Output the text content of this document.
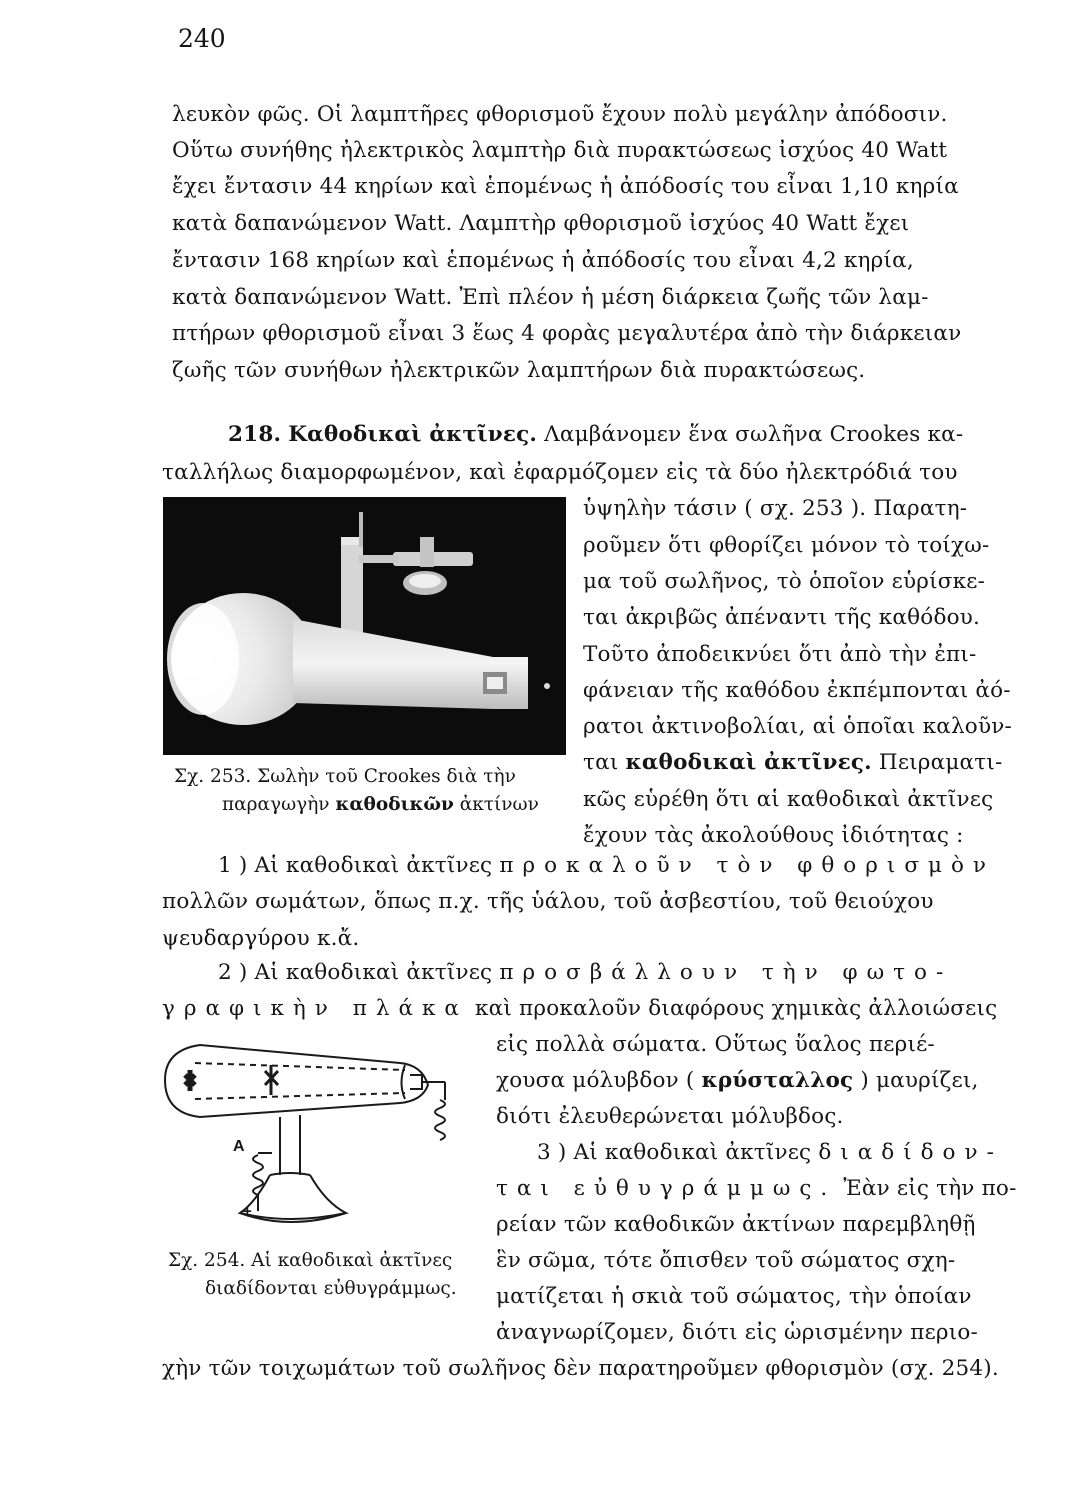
240
λευκὸν φῶς. Οἱ λαμπτῆρες φθορισμοῦ ἔχουν πολὺ μεγάλην ἀπόδοσιν.
Οὕτω συνήθης ἠλεκτρικὸς λαμπτὴρ διὰ πυρακτώσεως ἰσχύος 40 Watt
ἔχει ἔντασιν 44 κηρίων καὶ ἑπομένως ἡ ἀπόδοσίς του εἶναι 1,10 κηρία
κατὰ δαπανώμενον Watt. Λαμπτὴρ φθορισμοῦ ἰσχύος 40 Watt ἔχει
ἔντασιν 168 κηρίων καὶ ἑπομένως ἡ ἀπόδοσίς του εἶναι 4,2 κηρία,
κατὰ δαπανώμενον Watt. Ἐπὶ πλέον ἡ μέση διάρκεια ζωῆς τῶν λαμ-
πτήρων φθορισμοῦ εἶναι 3 ἕως 4 φορὰς μεγαλυτέρα ἀπὸ τὴν διάρκειαν
ζωῆς τῶν συνήθων ἠλεκτρικῶν λαμπτήρων διὰ πυρακτώσεως.
218. Καθοδικαὶ ἀκτῖνες. Λαμβάνομεν ἕνα σωλῆνα Crookes κα-
ταλλήλως διαμορφωμένον, καὶ ἐφαρμόζομεν εἰς τὰ δύο ἠλεκτρόδιά του
ὑψηλὴν τάσιν ( σχ. 253 ). Παρατη-
ροῦμεν ὅτι φθορίζει μόνον τὸ τοίχω-
μα τοῦ σωλῆνος, τὸ ὁποῖον εὑρίσκε-
ται ἀκριβῶς ἀπέναντι τῆς καθόδου.
Τοῦτο ἀποδεικνύει ὅτι ἀπὸ τὴν ἐπι-
φάνειαν τῆς καθόδου ἐκπέμπονται ἀό-
ρατοι ἀκτινοβολίαι, αἱ ὁποῖαι καλοῦν-
ται καθοδικαὶ ἀκτῖνες. Πειραματι-
κῶς εὑρέθη ὅτι αἱ καθοδικαὶ ἀκτῖνες
ἔχουν τὰς ἀκολούθους ἰδιότητας :
Σχ. 253. Σωλὴν τοῦ Crookes διὰ τὴν
παραγωγὴν καθοδικῶν ἀκτίνων
1 ) Αἱ καθοδικαὶ ἀκτῖνες προκαλοῦν τὸν φθορισμὸν
πολλῶν σωμάτων, ὅπως π.χ. τῆς ὑάλου, τοῦ ἀσβεστίου, τοῦ θειούχου
ψευδαργύρου κ.ἄ.
2 ) Αἱ καθοδικαὶ ἀκτῖνες προσβάλλουν τὴν φωτο-
γραφικὴν πλάκα καὶ προκαλοῦν διαφόρους χημικὰς ἀλλοιώσεις
εἰς πολλὰ σώματα. Οὕτως ὕαλος περιέ-
χουσα μόλυβδον ( κρύσταλλος ) μαυρίζει,
διότι ἐλευθερώνεται μόλυβδος.
A
+
3 ) Αἱ καθοδικαὶ ἀκτῖνες διαδίδον-
ται εὐθυγράμμως. Ἐὰν εἰς τὴν πο-
ρείαν τῶν καθοδικῶν ἀκτίνων παρεμβληθῇ
ἓν σῶμα, τότε ὄπισθεν τοῦ σώματος σχη-
ματίζεται ἡ σκιὰ τοῦ σώματος, τὴν ὁποίαν
ἀναγνωρίζομεν, διότι εἰς ὡρισμένην περιο-
χὴν τῶν τοιχωμάτων τοῦ σωλῆνος δὲν παρατηροῦμεν φθορισμὸν (σχ. 254).
Σχ. 254. Αἱ καθοδικαὶ ἀκτῖνες
διαδίδονται εὐθυγράμμως.
